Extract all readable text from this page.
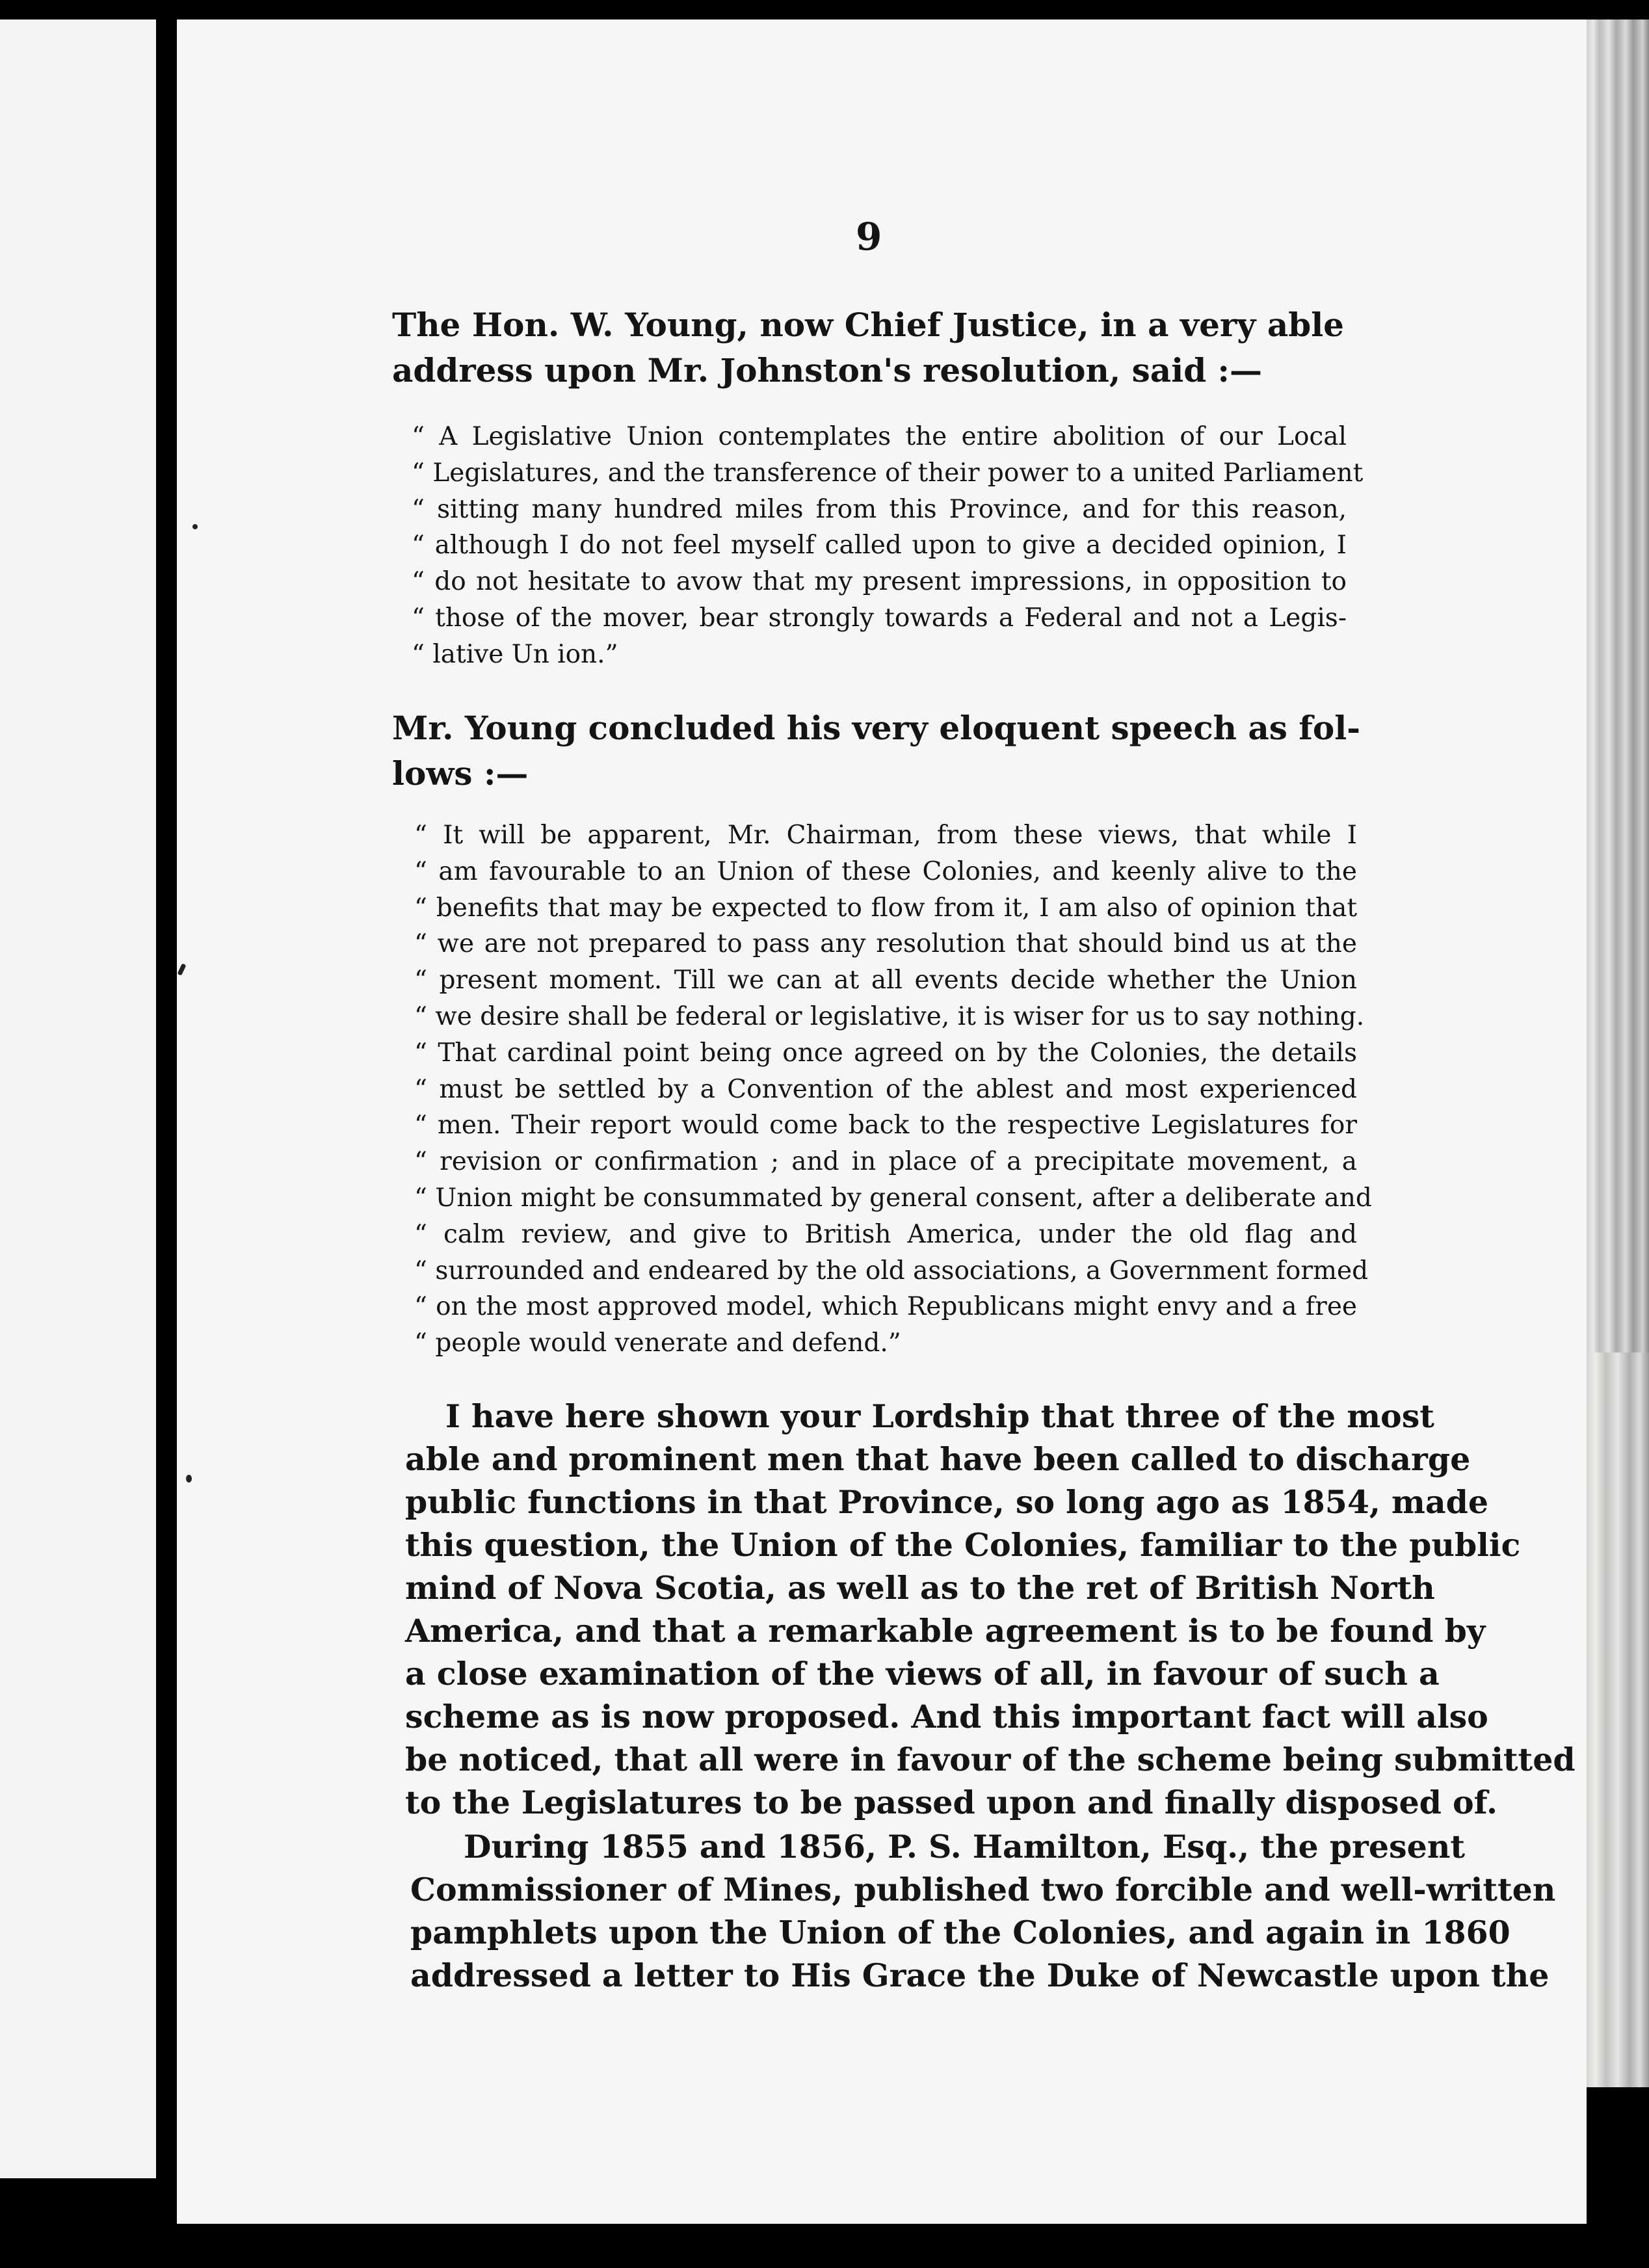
9
The Hon. W. Young, now Chief Justice, in a very able
address upon Mr. Johnston's resolution, said :—
“ A Legislative Union contemplates the entire abolition of our Local
“ Legislatures, and the transference of their power to a united Parliament
“ sitting many hundred miles from this Province, and for this reason,
“ although I do not feel myself called upon to give a decided opinion, I
“ do not hesitate to avow that my present impressions, in opposition to
“ those of the mover, bear strongly towards a Federal and not a Legis-
“ lative Un ion.”
Mr. Young concluded his very eloquent speech as fol-
lows :—
“ It will be apparent, Mr. Chairman, from these views, that while I
“ am favourable to an Union of these Colonies, and keenly alive to the
“ benefits that may be expected to flow from it, I am also of opinion that
“ we are not prepared to pass any resolution that should bind us at the
“ present moment. Till we can at all events decide whether the Union
“ we desire shall be federal or legislative, it is wiser for us to say nothing.
“ That cardinal point being once agreed on by the Colonies, the details
“ must be settled by a Convention of the ablest and most experienced
“ men. Their report would come back to the respective Legislatures for
“ revision or confirmation ; and in place of a precipitate movement, a
“ Union might be consummated by general consent, after a deliberate and
“ calm review, and give to British America, under the old flag and
“ surrounded and endeared by the old associations, a Government formed
“ on the most approved model, which Republicans might envy and a free
“ people would venerate and defend.”
I have here shown your Lordship that three of the most
able and prominent men that have been called to discharge
public functions in that Province, so long ago as 1854, made
this question, the Union of the Colonies, familiar to the public
mind of Nova Scotia, as well as to the ret of British North
America, and that a remarkable agreement is to be found by
a close examination of the views of all, in favour of such a
scheme as is now proposed. And this important fact will also
be noticed, that all were in favour of the scheme being submitted
to the Legislatures to be passed upon and finally disposed of.
During 1855 and 1856, P. S. Hamilton, Esq., the present
Commissioner of Mines, published two forcible and well-written
pamphlets upon the Union of the Colonies, and again in 1860
addressed a letter to His Grace the Duke of Newcastle upon the
